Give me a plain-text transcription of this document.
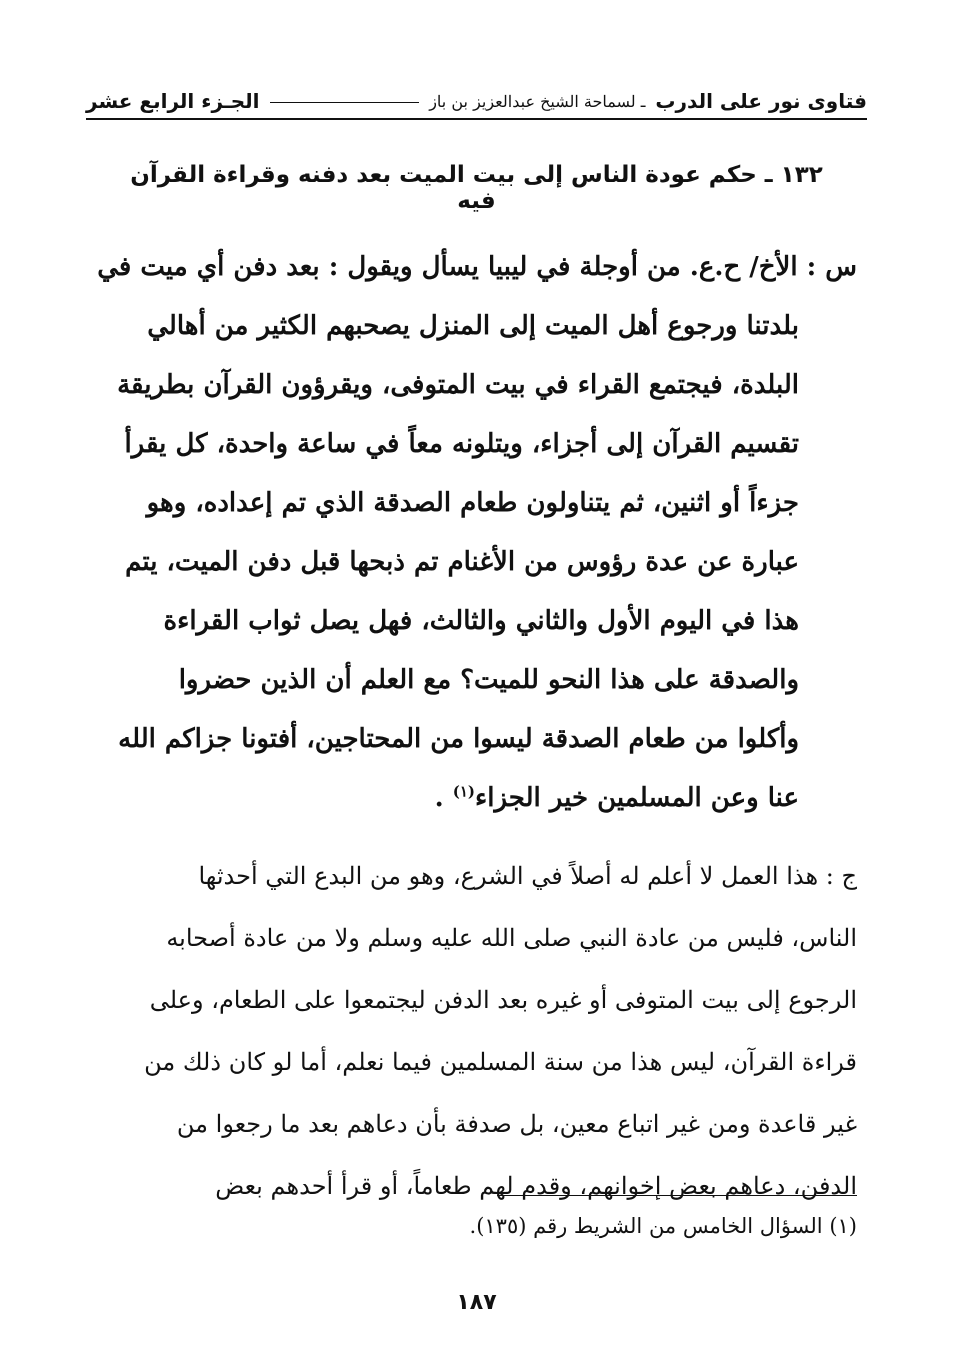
فتاوى نور على الدرب
ـ لسماحة الشيخ عبدالعزيز بن باز
الجـزء الرابع عشر
١٣٢ ـ حكم عودة الناس إلى بيت الميت بعد دفنه وقراءة القرآن فيه
س : الأخ/ ح.ع. من أوجلة في ليبيا يسأل ويقول : بعد دفن أي ميت في
بلدتنا ورجوع أهل الميت إلى المنزل يصحبهم الكثير من أهالي
البلدة، فيجتمع القراء في بيت المتوفى، ويقرؤون القرآن بطريقة
تقسيم القرآن إلى أجزاء، ويتلونه معاً في ساعة واحدة، كل يقرأ
جزءاً أو اثنين، ثم يتناولون طعام الصدقة الذي تم إعداده، وهو
عبارة عن عدة رؤوس من الأغنام تم ذبحها قبل دفن الميت، يتم
هذا في اليوم الأول والثاني والثالث، فهل يصل ثواب القراءة
والصدقة على هذا النحو للميت؟ مع العلم أن الذين حضروا
وأكلوا من طعام الصدقة ليسوا من المحتاجين، أفتونا جزاكم الله
عنا وعن المسلمين خير الجزاء$^{(١)}$ .
ج : هذا العمل لا أعلم له أصلاً في الشرع، وهو من البدع التي أحدثها
الناس، فليس من عادة النبي صلى الله عليه وسلم ولا من عادة أصحابه
الرجوع إلى بيت المتوفى أو غيره بعد الدفن ليجتمعوا على الطعام، وعلى
قراءة القرآن، ليس هذا من سنة المسلمين فيما نعلم، أما لو كان ذلك من
غير قاعدة ومن غير اتباع معين، بل صدفة بأن دعاهم بعد ما رجعوا من
الدفن، دعاهم بعض إخوانهم، وقدم لهم طعاماً، أو قرأ أحدهم بعض
(١) السؤال الخامس من الشريط رقم (١٣٥).
١٨٧
